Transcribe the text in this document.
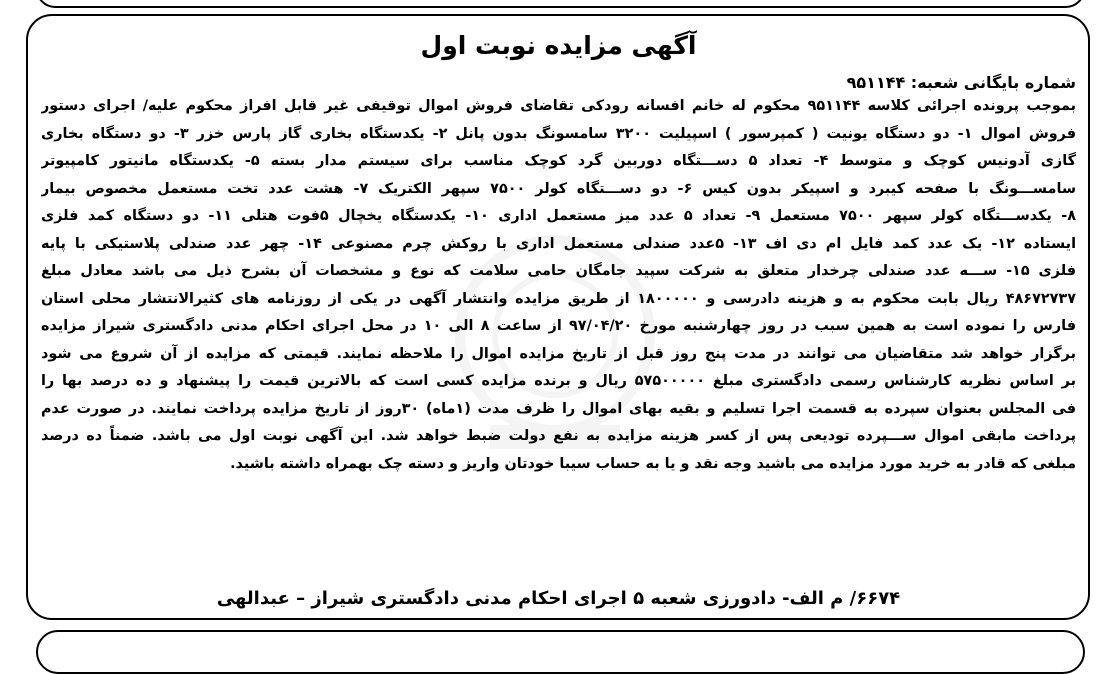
آگهی مزایده نوبت اول
شماره بایگانی شعبه: ۹۵۱۱۴۴
بموجب پرونده اجرائی کلاسه ۹۵۱۱۴۴ محکوم له خانم افسانه رودکی تقاضای فروش اموال توقیفی غیر قابل افراز محکوم علیه/ اجرای دستور
فروش اموال ۱- دو دستگاه یونیت ( کمپرسور ) اسپیلیت ۳۲۰۰ سامسونگ بدون پانل ۲- یکدستگاه بخاری گاز پارس خزر ۳- دو دستگاه بخاری
گازی آدونیس کوچک و متوسط ۴- تعداد ۵ دســـتگاه دوربین گرد کوچک مناسب برای سیستم مدار بسته ۵- یکدستگاه مانیتور کامپیوتر
سامســـونگ با صفحه کیبرد و اسپیکر بدون کیس ۶- دو دســـتگاه کولر ۷۵۰۰ سپهر الکتریک ۷- هشت عدد تخت مستعمل مخصوص بیمار
۸- یکدســـتگاه کولر سپهر ۷۵۰۰ مستعمل ۹- تعداد ۵ عدد میز مستعمل اداری ۱۰- یکدستگاه یخچال ۵فوت هتلی ۱۱- دو دستگاه کمد فلزی
ایستاده ۱۲- یک عدد کمد فایل ام دی اف ۱۳- ۵عدد صندلی مستعمل اداری با روکش چرم مصنوعی ۱۴- چهر عدد صندلی پلاستیکی با پایه
فلزی ۱۵- ســـه عدد صندلی چرخدار متعلق به شرکت سپید جامگان حامی سلامت که نوع و مشخصات آن بشرح ذیل می باشد معادل مبلغ
۴۸۶۷۲۷۳۷ ریال بابت محکوم به و هزینه دادرسی و ۱۸۰۰۰۰۰ از طریق مزایده وانتشار آگهی در یکی از روزنامه های کثیرالانتشار محلی استان
فارس را نموده است به همین سبب در روز چهارشنبه مورخ ۹۷/۰۴/۲۰ از ساعت ۸ الی ۱۰ در محل اجرای احکام مدنی دادگستری شیراز مزایده
برگزار خواهد شد متقاضیان می توانند در مدت پنج روز قبل از تاریخ مزایده اموال را ملاحظه نمایند. قیمتی که مزایده از آن شروع می شود
بر اساس نظریه کارشناس رسمی دادگستری مبلغ ۵۷۵۰۰۰۰۰ ریال و برنده مزایده کسی است که بالاترین قیمت را پیشنهاد و ده درصد بها را
فی المجلس بعنوان سپرده به قسمت اجرا تسلیم و بقیه بهای اموال را ظرف مدت (۱ماه) ۳۰روز از تاریخ مزایده پرداخت نمایند. در صورت عدم
پرداخت مابقی اموال ســـپرده تودیعی پس از کسر هزینه مزایده به نفع دولت ضبط خواهد شد. این آگهی نوبت اول می باشد. ضمناً ده درصد
مبلغی که قادر به خرید مورد مزایده می باشید وجه نقد و یا به حساب سیبا خودتان واریز و دسته چک بهمراه داشته باشید.
۶۶۷۴/ م الف- دادورزی شعبه ۵ اجرای احکام مدنی دادگستری شیراز – عبدالهی
